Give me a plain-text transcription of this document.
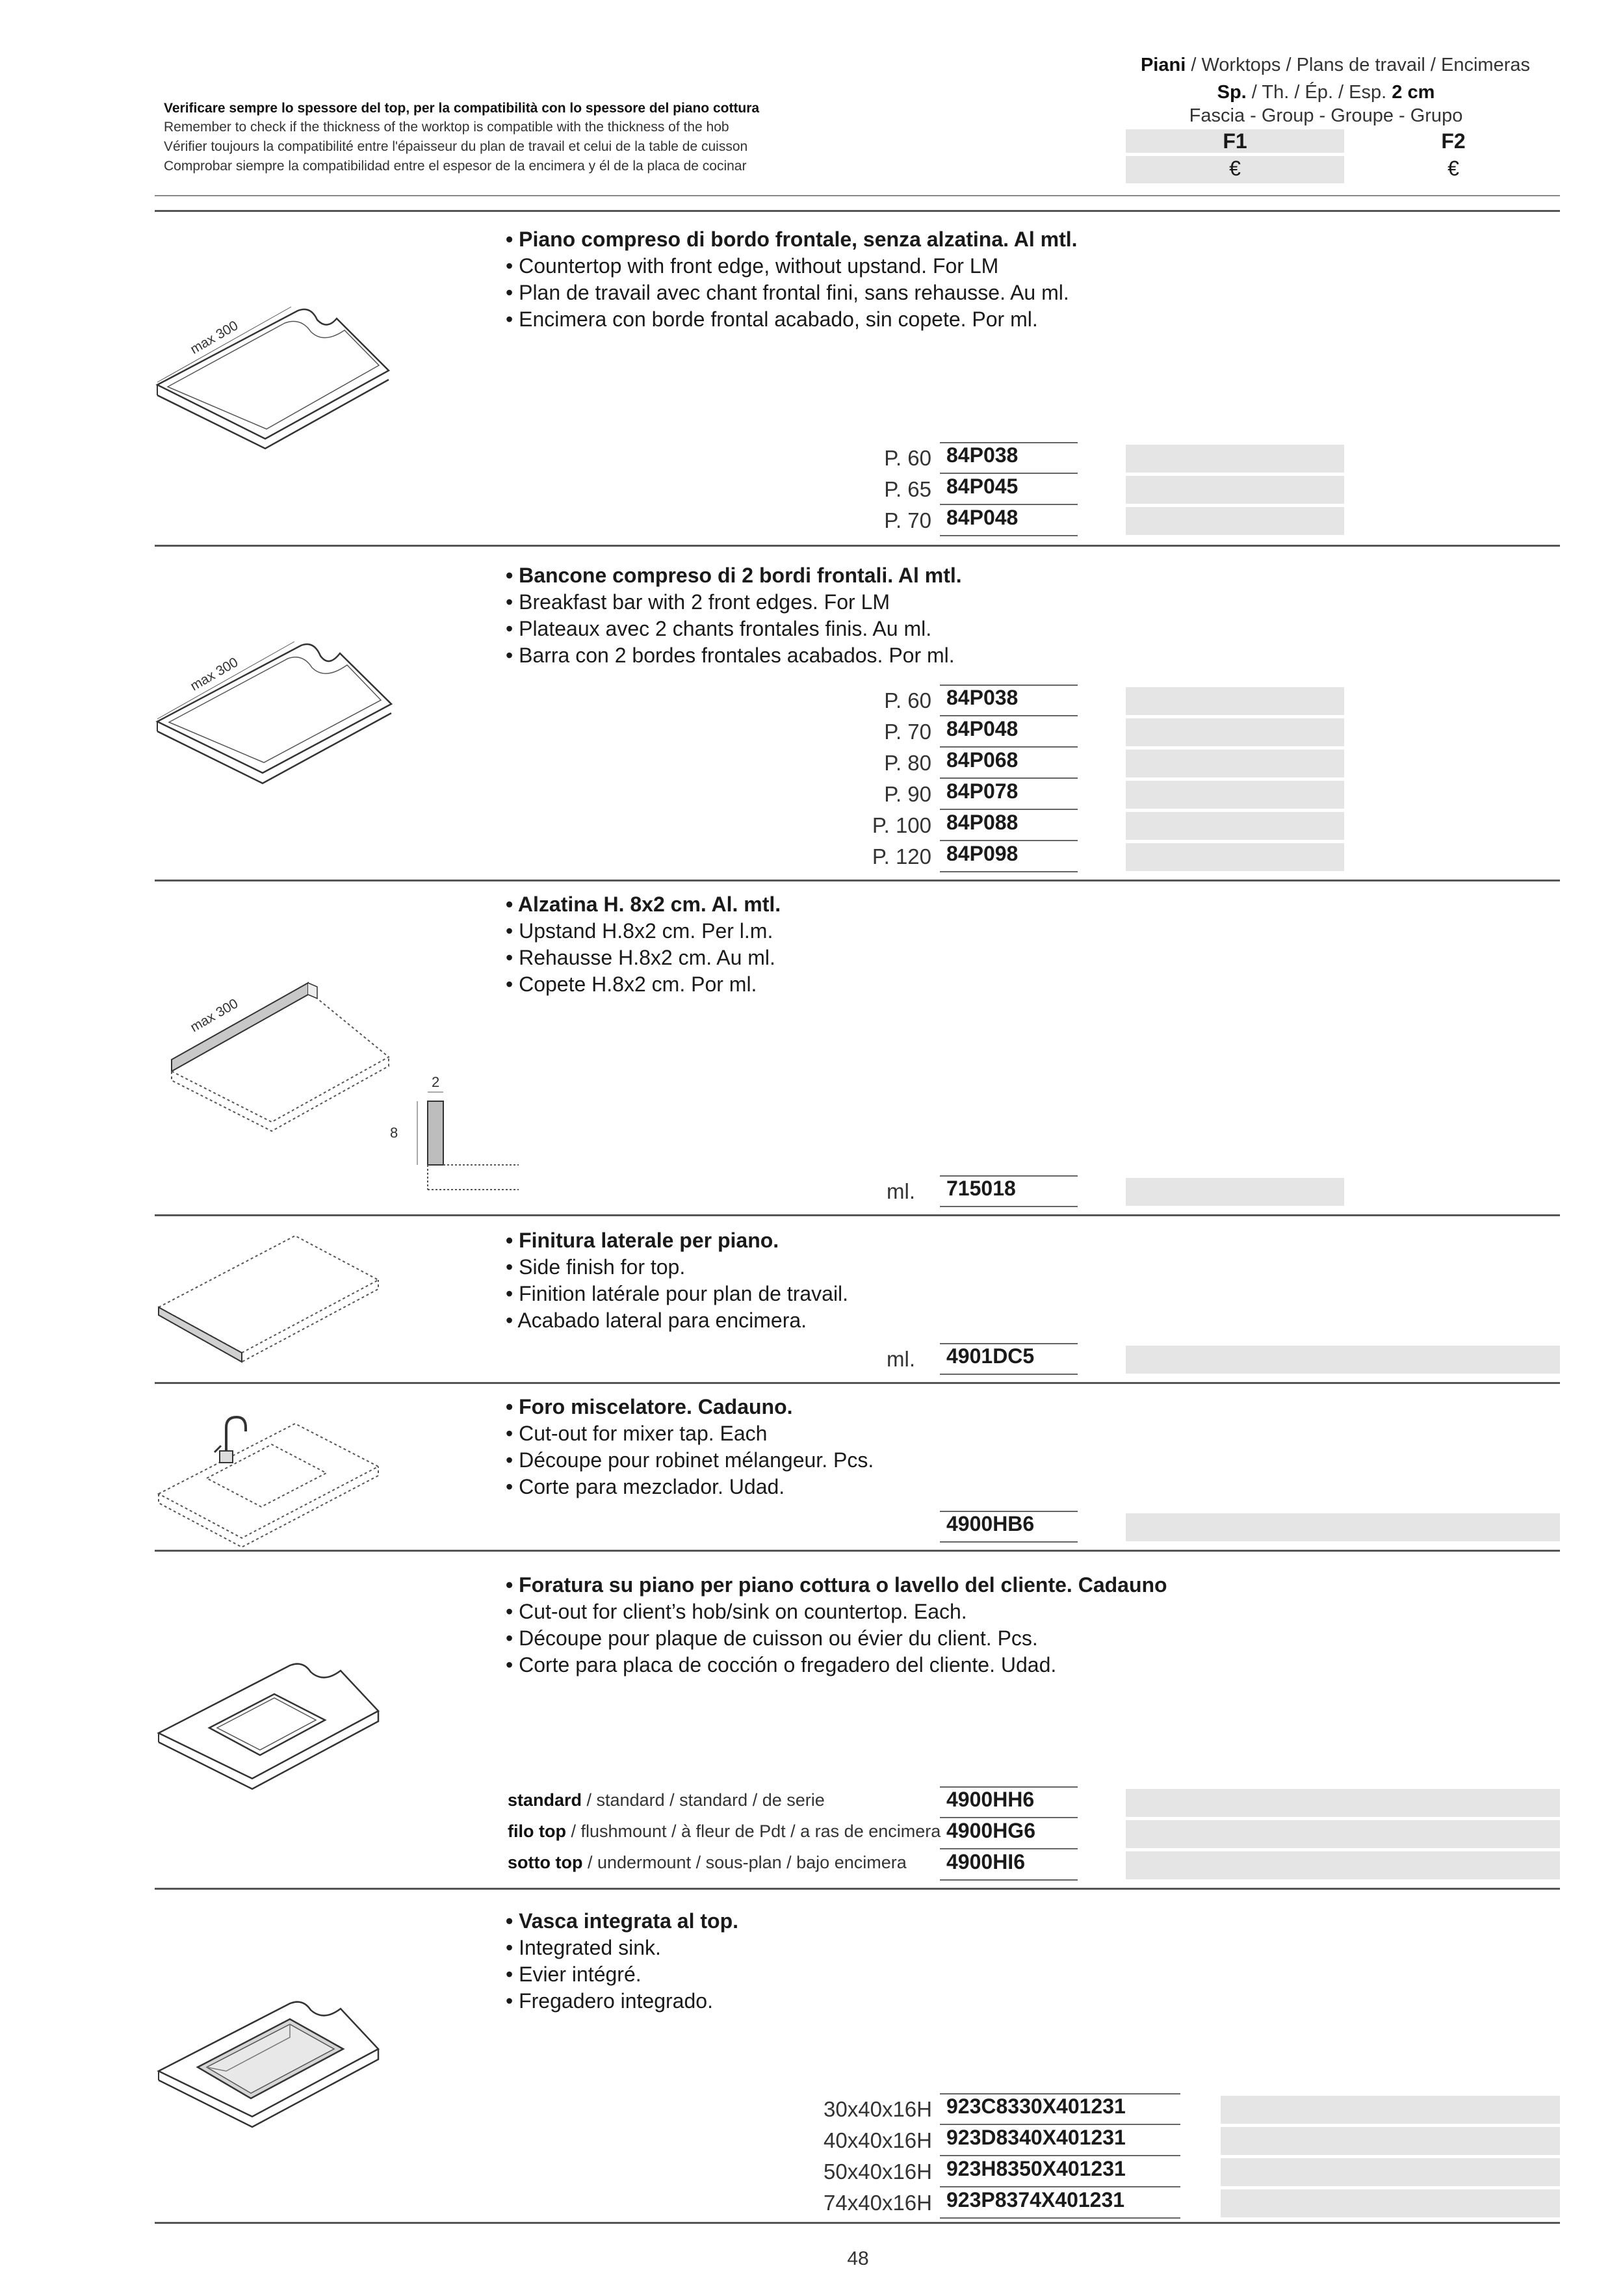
Verificare sempre lo spessore del top, per la compatibilità con lo spessore del piano cottura
Remember to check if the thickness of the worktop is compatible with the thickness of the hob
Vérifier toujours la compatibilité entre l'épaisseur du plan de travail et celui de la table de cuisson
Comprobar siempre la compatibilidad entre el espesor de la encimera y él de la placa de cocinar
Piani / Worktops / Plans de travail / Encimeras
Sp. / Th. / Ép. / Esp. 2 cm
Fascia - Group - Groupe - Grupo
F1	F2
€	€
max 300
• Piano compreso di bordo frontale, senza alzatina. Al mtl.
• Countertop with front edge, without upstand. For LM
• Plan de travail avec chant frontal fini, sans rehausse. Au ml.
• Encimera con borde frontal acabado, sin copete. Por ml.
P. 60 84P038
P. 65 84P045
P. 70 84P048
max 300
• Bancone compreso di 2 bordi frontali. Al mtl.
• Breakfast bar with 2 front edges. For LM
• Plateaux avec 2 chants frontales finis. Au ml.
• Barra con 2 bordes frontales acabados. Por ml.
P. 60 84P038
P. 70 84P048
P. 80 84P068
P. 90 84P078
P. 100 84P088
P. 120 84P098
max 300
2
8
• Alzatina H. 8x2 cm. Al. mtl.
• Upstand H.8x2 cm. Per l.m.
• Rehausse H.8x2 cm. Au ml.
• Copete H.8x2 cm. Por ml.
ml.	715018
• Finitura laterale per piano.
• Side finish for top.
• Finition latérale pour plan de travail.
• Acabado lateral para encimera.
ml.	4901DC5
• Foro miscelatore. Cadauno.
• Cut-out for mixer tap. Each
• Découpe pour robinet mélangeur. Pcs.
• Corte para mezclador. Udad.
4900HB6
• Foratura su piano per piano cottura o lavello del cliente. Cadauno
• Cut-out for client’s hob/sink on countertop. Each.
• Découpe pour plaque de cuisson ou évier du client. Pcs.
• Corte para placa de cocción o fregadero del cliente. Udad.
standard / standard / standard / de serie	4900HH6
filo top / flushmount / à fleur de Pdt / a ras de encimera 4900HG6
sotto top / undermount / sous-plan / bajo encimera	4900HI6
• Vasca integrata al top.
• Integrated sink.
• Evier intégré.
• Fregadero integrado.
30x40x16H 923C8330X401231
40x40x16H 923D8340X401231
50x40x16H 923H8350X401231
74x40x16H 923P8374X401231
48
